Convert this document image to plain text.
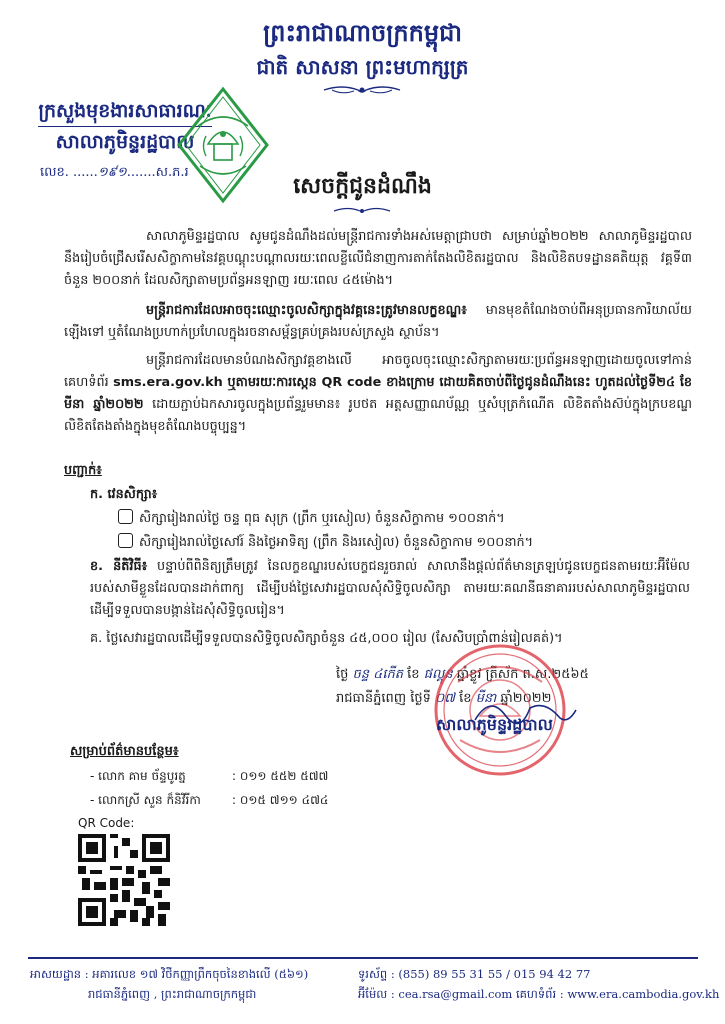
ព្រះរាជាណាចក្រកម្ពុជា
ជាតិ សាសនា ព្រះមហាក្សត្រ
ក្រសួងមុខងារសាធារណៈ
សាលាភូមិន្ទរដ្ឋបាល
លេខ. ......១៩១.......ស.ភ.រ
សេចក្តីជូនដំណឹង
សាលាភូមិន្ទរដ្ឋបាល សូមជូនដំណឹងដល់មន្ត្រីរាជការទាំងអស់មេត្តាជ្រាបថា សម្រាប់ឆ្នាំ២០២២ សាលាភូមិន្ទរដ្ឋបាល នឹងរៀបចំជ្រើសរើសសិក្ខាកាមនៃវគ្គបណ្តុះបណ្តាលរយៈពេលខ្លីលើជំនាញការតាក់តែងលិខិតរដ្ឋបាល និងលិខិតបទដ្ឋានគតិយុត្ត វគ្គទី៣ ចំនួន ២០០នាក់ ដែលសិក្សាតាមប្រព័ន្ធអនឡាញ រយៈពេល ៤៥ម៉ោង។
មន្ត្រីរាជការដែលអាចចុះឈ្មោះចូលសិក្សាក្នុងវគ្គនេះត្រូវមានលក្ខខណ្ឌ៖ មានមុខតំណែងចាប់ពីអនុប្រធានការិយាល័យឡើងទៅ ឬតំណែងប្រហាក់ប្រហែលក្នុងរចនាសម្ព័ន្ធគ្រប់គ្រងរបស់ក្រសួង ស្ថាប័ន។
មន្ត្រីរាជការដែលមានបំណងសិក្សាវគ្គខាងលើ អាចចូលចុះឈ្មោះសិក្សាតាមរយៈប្រព័ន្ធអនឡាញដោយចូលទៅកាន់គេហទំព័រ sms.era.gov.kh ឬតាមរយៈការស្កេន QR code ខាងក្រោម ដោយគិតចាប់ពីថ្ងៃជូនដំណឹងនេះ ហូតដល់ថ្ងៃទី២៤ ខែមីនា ឆ្នាំ២០២២ ដោយភ្ជាប់ឯកសារចូលក្នុងប្រព័ន្ធរួមមាន៖ រូបថត អត្តសញ្ញាណប័ណ្ណ ឬសំបុត្រកំណើត លិខិតតាំងស៊ប់ក្នុងក្របខណ្ឌ លិខិតតែងតាំងក្នុងមុខតំណែងបច្ចុប្បន្ន។
បញ្ជាក់៖
ក. វេនសិក្សា៖
សិក្សារៀងរាល់ថ្ងៃ ចន្ទ ពុធ សុក្រ (ព្រឹក ឬរសៀល) ចំនួនសិក្ខាកាម ១០០នាក់។
សិក្សារៀងរាល់ថ្ងៃសៅរ៍ និងថ្ងៃអាទិត្យ (ព្រឹក និងរសៀល) ចំនួនសិក្ខាកាម ១០០នាក់។
ខ. នីតិវិធី៖ បន្ទាប់ពីពិនិត្យត្រឹមត្រូវ នៃលក្ខខណ្ឌរបស់បេក្ខជនរួចរាល់ សាលានឹងផ្តល់ព័ត៌មានត្រឡប់ជូនបេក្ខជនតាមរយៈអ៊ីម៉ែលរបស់សាមីខ្លួនដែលបានដាក់ពាក្យ ដើម្បីបង់ថ្លៃសេវារដ្ឋបាលសុំសិទ្ធិចូលសិក្សា តាមរយៈគណនីធនាគាររបស់សាលាភូមិន្ទរដ្ឋបាលដើម្បីទទួលបានបង្កាន់ដៃសុំសិទ្ធិចូលរៀន។
គ. ថ្លៃសេវារដ្ឋបាលដើម្បីទទួលបានសិទ្ធិចូលសិក្សាចំនួន ៤៥,០០០ រៀល (សែសិបប្រាំពាន់រៀលគត់)។
ថ្ងៃ ចន្ទ ៤កើត ខែ ផល្គុន ឆ្នាំខ្លូវ ត្រីស័ក ព.ស.២៥៦៥
រាជធានីភ្នំពេញ ថ្ងៃទី ០៧ ខែ មីនា ឆ្នាំ២០២២
សាលាភូមិន្ទរដ្ឋបាល
សម្រាប់ព័ត៌មានបន្ថែម៖
- លោក គាម ច័ន្ទបូរត្ន	: ០១១ ៥៥២ ៥៧៧
- លោកស្រី សួន ក៏និវិរីកា	: ០១៥ ៧១១ ៤៧៤
QR Code:
អាសយដ្ឋាន : អគារលេខ ១៧ វិថីកញ្ញាព្រឹកចុចនៃខាងលើ (៥៦១)
រាជធានីភ្នំពេញ , ព្រះរាជាណាចក្រកម្ពុជា
ទូរស័ព្ទ : (855) 89 55 31 55 / 015 94 42 77
អ៊ីម៉ែល : cea.rsa@gmail.com គេហទំព័រ : www.era.cambodia.gov.kh
